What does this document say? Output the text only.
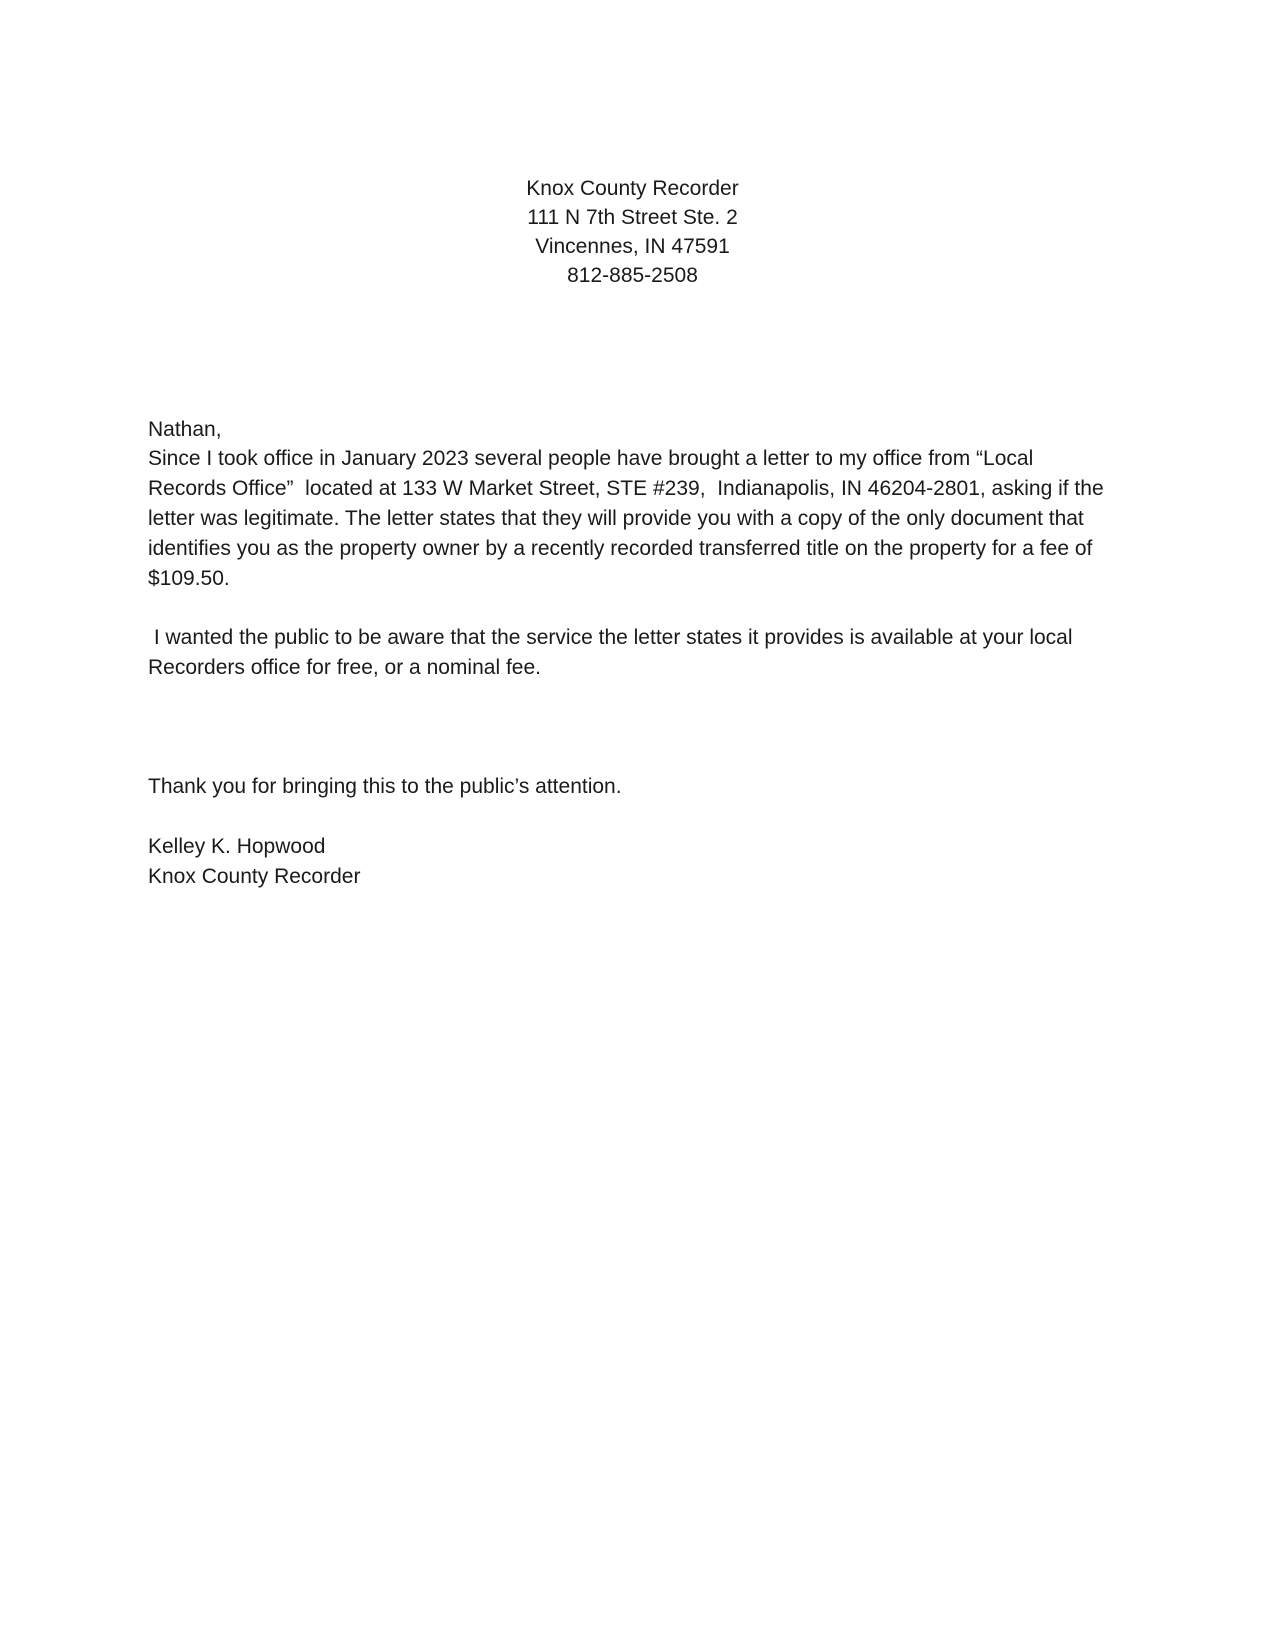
Knox County Recorder
111 N 7th Street Ste. 2
Vincennes, IN 47591
812-885-2508

Nathan,

Since I took office in January 2023 several people have brought a letter to my office from “Local Records Office”  located at 133 W Market Street, STE #239,  Indianapolis, IN 46204-2801, asking if the letter was legitimate. The letter states that they will provide you with a copy of the only document that identifies you as the property owner by a recently recorded transferred title on the property for a fee of $109.50.

I wanted the public to be aware that the service the letter states it provides is available at your local Recorders office for free, or a nominal fee.

Thank you for bringing this to the public’s attention.

Kelley K. Hopwood
Knox County Recorder
